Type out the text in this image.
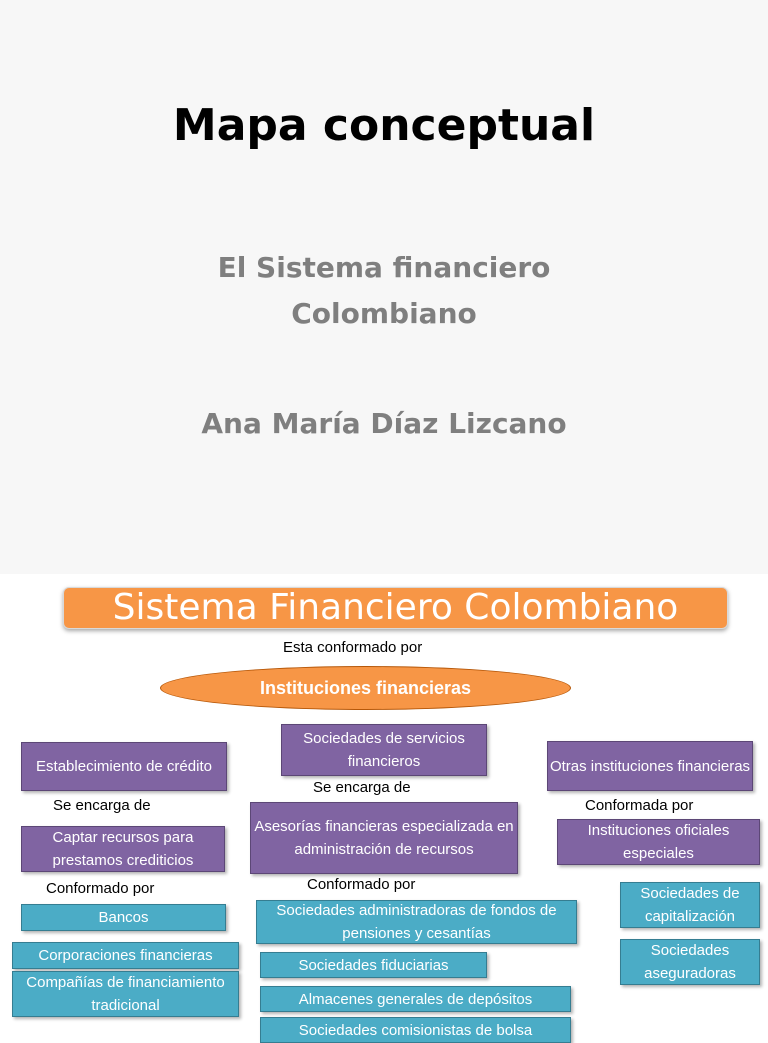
Mapa conceptual
El Sistema financiero
Colombiano
Ana María Díaz Lizcano
Sistema Financiero Colombiano
Esta conformado por
Instituciones financieras
Establecimiento de crédito
Se encarga de
Captar recursos para prestamos crediticios
Conformado por
Bancos
Corporaciones financieras
Compañías de financiamiento tradicional
Sociedades de servicios financieros
Se encarga de
Asesorías financieras especializada en administración de recursos
Conformado por
Sociedades administradoras de fondos de pensiones y cesantías
Sociedades fiduciarias
Almacenes generales de depósitos
Sociedades comisionistas de bolsa
Otras instituciones financieras
Conformada por
Instituciones oficiales especiales
Sociedades de capitalización
Sociedades aseguradoras
